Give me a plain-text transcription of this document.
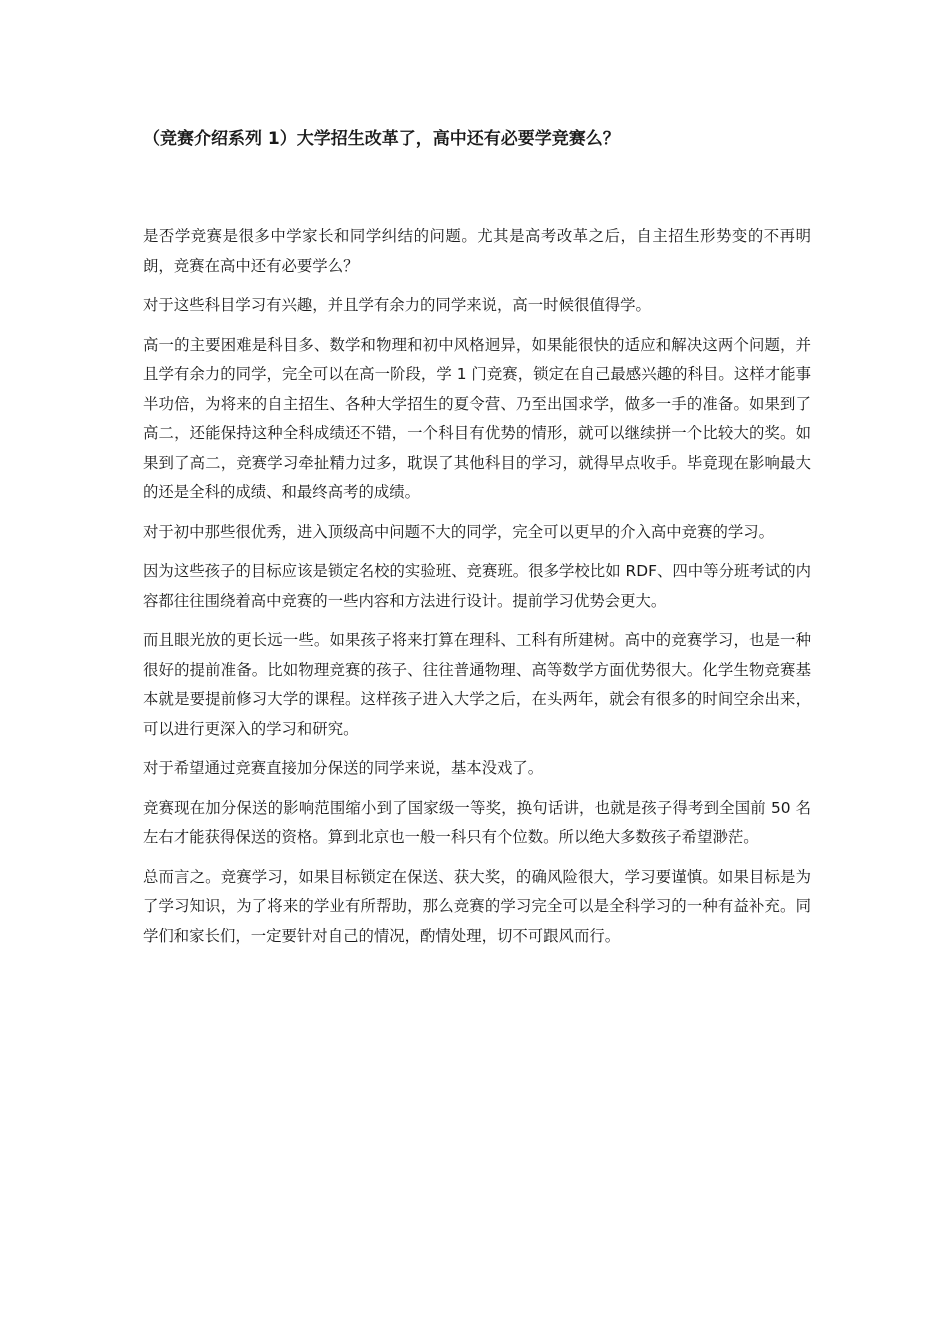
（竞赛介绍系列 1）大学招生改革了，高中还有必要学竞赛么？

是否学竞赛是很多中学家长和同学纠结的问题。尤其是高考改革之后，自主招生形势变的不再明朗，竞赛在高中还有必要学么？

对于这些科目学习有兴趣，并且学有余力的同学来说，高一时候很值得学。

高一的主要困难是科目多、数学和物理和初中风格迥异，如果能很快的适应和解决这两个问题，并且学有余力的同学，完全可以在高一阶段，学 1 门竞赛，锁定在自己最感兴趣的科目。这样才能事半功倍，为将来的自主招生、各种大学招生的夏令营、乃至出国求学，做多一手的准备。如果到了高二，还能保持这种全科成绩还不错，一个科目有优势的情形，就可以继续拼一个比较大的奖。如果到了高二，竞赛学习牵扯精力过多，耽误了其他科目的学习，就得早点收手。毕竟现在影响最大的还是全科的成绩、和最终高考的成绩。

对于初中那些很优秀，进入顶级高中问题不大的同学，完全可以更早的介入高中竞赛的学习。

因为这些孩子的目标应该是锁定名校的实验班、竞赛班。很多学校比如 RDF、四中等分班考试的内容都往往围绕着高中竞赛的一些内容和方法进行设计。提前学习优势会更大。

而且眼光放的更长远一些。如果孩子将来打算在理科、工科有所建树。高中的竞赛学习，也是一种很好的提前准备。比如物理竞赛的孩子、往往普通物理、高等数学方面优势很大。化学生物竞赛基本就是要提前修习大学的课程。这样孩子进入大学之后，在头两年，就会有很多的时间空余出来，可以进行更深入的学习和研究。

对于希望通过竞赛直接加分保送的同学来说，基本没戏了。

竞赛现在加分保送的影响范围缩小到了国家级一等奖，换句话讲，也就是孩子得考到全国前 50 名左右才能获得保送的资格。算到北京也一般一科只有个位数。所以绝大多数孩子希望渺茫。

总而言之。竞赛学习，如果目标锁定在保送、获大奖，的确风险很大，学习要谨慎。如果目标是为了学习知识，为了将来的学业有所帮助，那么竞赛的学习完全可以是全科学习的一种有益补充。同学们和家长们，一定要针对自己的情况，酌情处理，切不可跟风而行。
